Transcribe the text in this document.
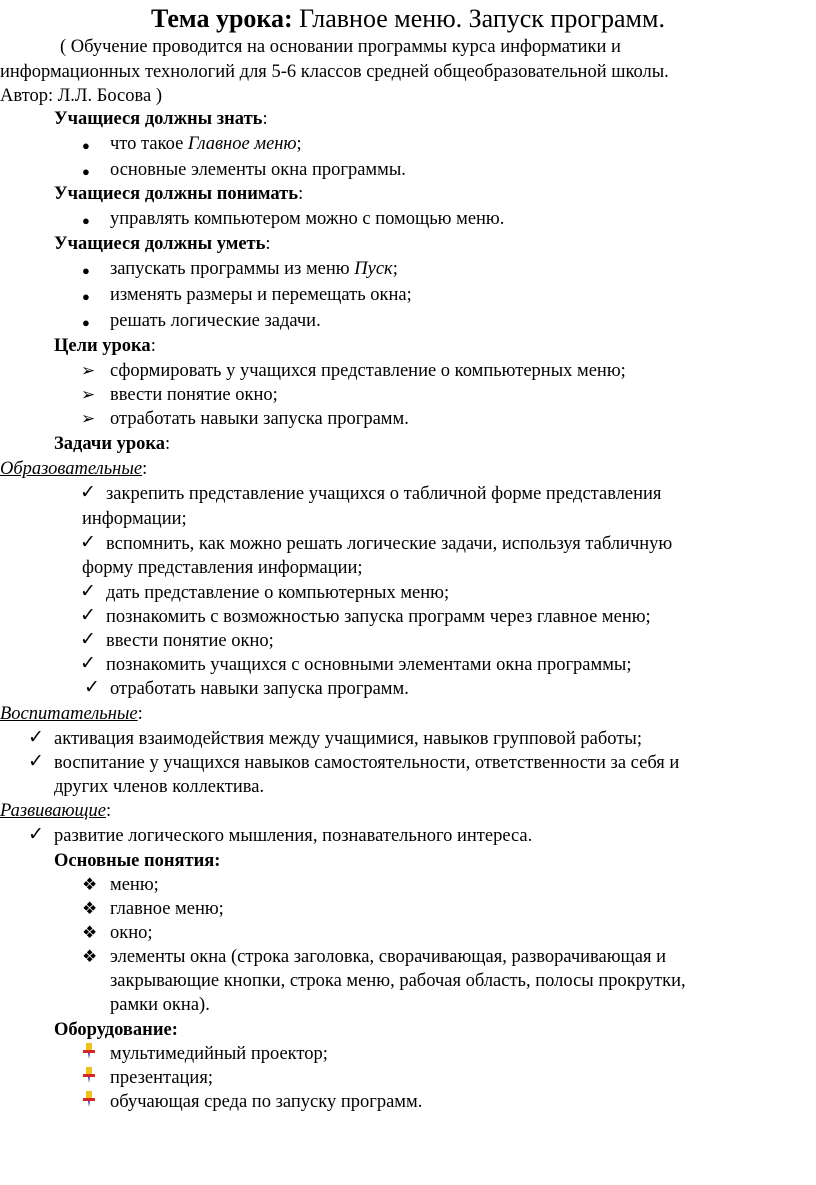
Тема урока: Главное меню. Запуск программ.
( Обучение проводится на основании программы курса информатики и
информационных технологий для 5-6 классов средней общеобразовательной школы.
Автор: Л.Л. Босова )
Учащиеся должны знать:
● что такое Главное меню;
● основные элементы окна программы.
Учащиеся должны понимать:
● управлять компьютером можно с помощью меню.
Учащиеся должны уметь:
● запускать программы из меню Пуск;
● изменять размеры и перемещать окна;
● решать логические задачи.
Цели урока:
➢ сформировать у учащихся представление о компьютерных меню;
➢ ввести понятие окно;
➢ отработать навыки запуска программ.
Задачи урока:
Образовательные:
✓ закрепить представление учащихся о табличной форме представления
информации;
✓ вспомнить, как можно решать логические задачи, используя табличную
форму представления информации;
✓ дать представление о компьютерных меню;
✓ познакомить с возможностью запуска программ через главное меню;
✓ ввести понятие окно;
✓ познакомить учащихся с основными элементами окна программы;
✓ отработать навыки запуска программ.
Воспитательные:
✓ активация взаимодействия между учащимися, навыков групповой работы;
✓ воспитание у учащихся навыков самостоятельности, ответственности за себя и
других членов коллектива.
Развивающие:
✓ развитие логического мышления, познавательного интереса.
Основные понятия:
❖ меню;
❖ главное меню;
❖ окно;
❖ элементы окна (строка заголовка, сворачивающая, разворачивающая и
закрывающие кнопки, строка меню, рабочая область, полосы прокрутки,
рамки окна).
Оборудование:
мультимедийный проектор;
презентация;
обучающая среда по запуску программ.
